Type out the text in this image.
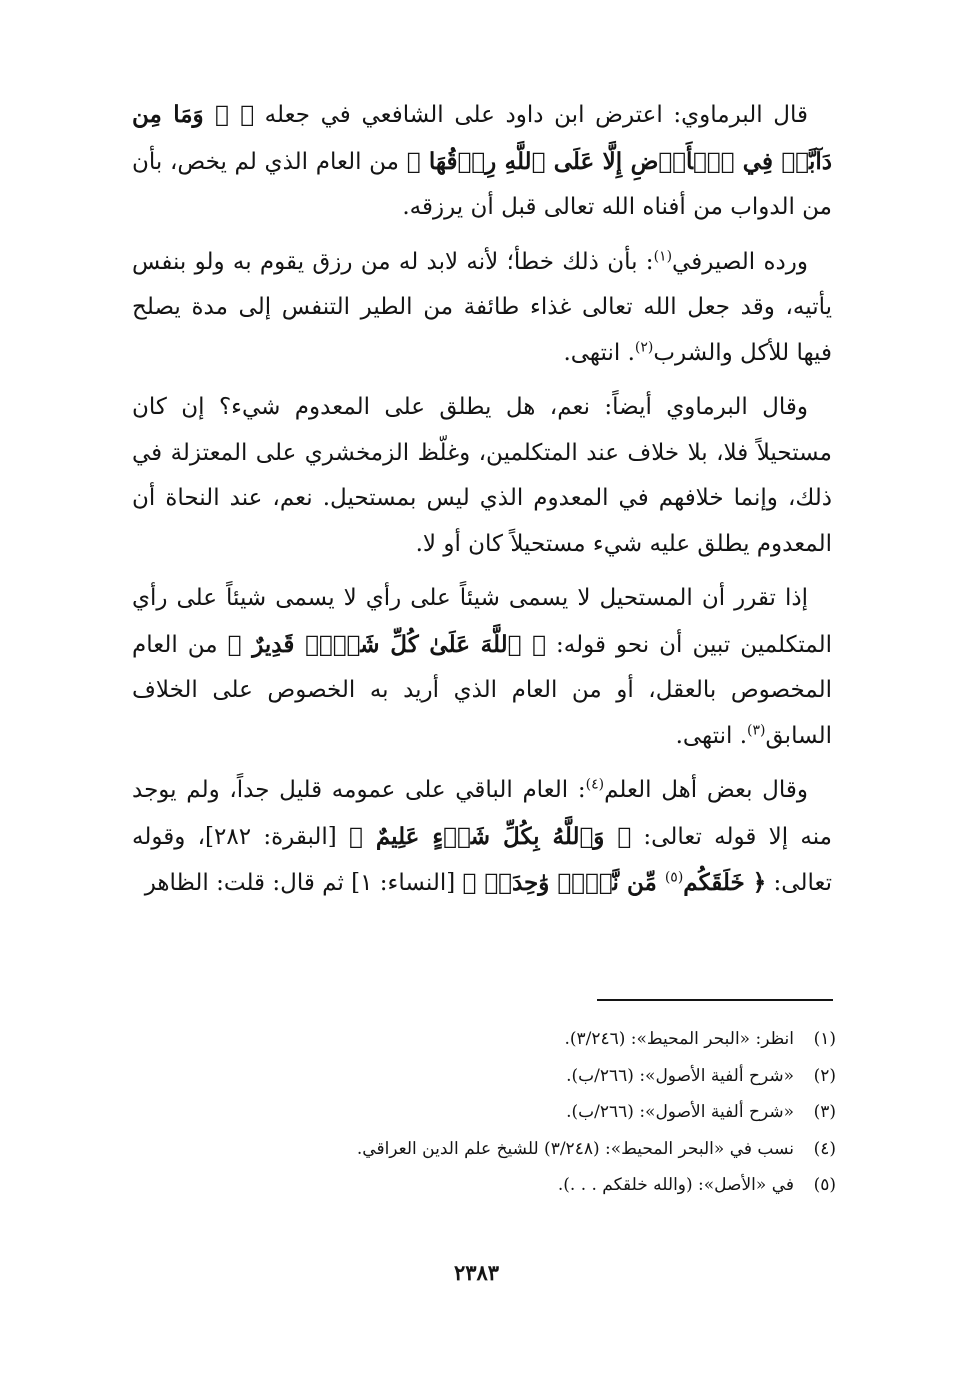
قال البرماوي: اعترض ابن داود على الشافعي في جعله ﴿ ۞ وَمَا مِن دَآبَّةٖ فِي ٱلۡأَرۡضِ إِلَّا عَلَى ٱللَّهِ رِزۡقُهَا ﴾ من العام الذي لم يخص، بأن من الدواب من أفناه الله تعالى قبل أن يرزقه.

ورده الصيرفي$^{(١)}$: بأن ذلك خطأ؛ لأنه لابد له من رزق يقوم به ولو بنفس يأتيه، وقد جعل الله تعالى غذاء طائفة من الطير التنفس إلى مدة يصلح فيها للأكل والشرب$^{(٢)}$. انتهى.

وقال البرماوي أيضاً: نعم، هل يطلق على المعدوم شيء؟ إن كان مستحيلاً فلا، بلا خلاف عند المتكلمين، وغلّظ الزمخشري على المعتزلة في ذلك، وإنما خلافهم في المعدوم الذي ليس بمستحيل. نعم، عند النحاة أن المعدوم يطلق عليه شيء مستحيلاً كان أو لا.

إذا تقرر أن المستحيل لا يسمى شيئاً على رأي لا يسمى شيئاً على رأي المتكلمين تبين أن نحو قوله: ﴿ ٱللَّهَ عَلَىٰ كُلِّ شَيۡءٖ قَدِيرٌ ﴾ من العام المخصوص بالعقل، أو من العام الذي أريد به الخصوص على الخلاف السابق$^{(٣)}$. انتهى.

وقال بعض أهل العلم$^{(٤)}$: العام الباقي على عمومه قليل جداً، ولم يوجد منه إلا قوله تعالى: ﴿ وَٱللَّهُ بِكُلِّ شَيۡءٍ عَلِيمٌ ﴾ [البقرة: ٢٨٢]، وقوله تعالى: ﴿ خَلَقَكُم$^{(٥)}$ مِّن نَّفۡسٖ وَٰحِدَةٖ ﴾ [النساء: ١] ثم قال: قلت: الظاهر

(١)انظر: «البحر المحيط»: (٣/٢٤٦).
(٢)«شرح ألفية الأصول»: (٢٦٦/ب).
(٣)«شرح ألفية الأصول»: (٢٦٦/ب).
(٤)نسب في «البحر المحيط»: (٣/٢٤٨) للشيخ علم الدين العراقي.
(٥)في «الأصل»: (والله خلقكم . . .).
٢٣٨٣
